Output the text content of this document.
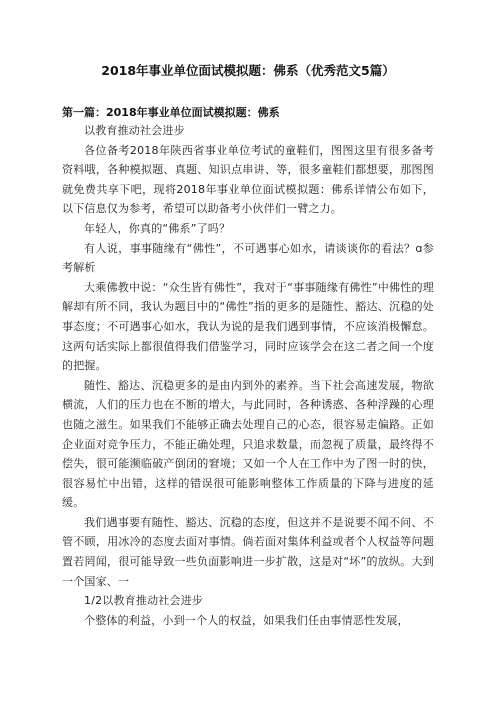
2018年事业单位面试模拟题：佛系（优秀范文5篇）
第一篇：2018年事业单位面试模拟题：佛系

以教育推动社会进步

各位备考2018年陕西省事业单位考试的童鞋们，图图这里有很多备考资料哦，各种模拟题、真题、知识点串讲、等，很多童鞋们都想要，那图图就免费共享下吧，现将2018年事业单位面试模拟题：佛系详情公布如下，以下信息仅为参考，希望可以助备考小伙伴们一臂之力。

年轻人，你真的“佛系”了吗？

有人说，事事随缘有“佛性”，不可遇事心如水，请谈谈你的看法？ɑ参考解析

大乘佛教中说：“众生皆有佛性”，我对于“事事随缘有佛性”中佛性的理解却有所不同，我认为题目中的“佛性”指的更多的是随性、豁达、沉稳的处事态度；不可遇事心如水，我认为说的是我们遇到事情，不应该消极懈怠。这两句话实际上都很值得我们借鉴学习，同时应该学会在这二者之间一个度的把握。

随性、豁达、沉稳更多的是由内到外的素养。当下社会高速发展，物欲横流，人们的压力也在不断的增大，与此同时，各种诱惑、各种浮躁的心理也随之滋生。如果我们不能够正确去处理自己的心态，很容易走偏路。正如企业面对竞争压力，不能正确处理，只追求数量，而忽视了质量，最终得不偿失，很可能濒临破产倒闭的窘境；又如一个人在工作中为了图一时的快，很容易忙中出错，这样的错误很可能影响整体工作质量的下降与进度的延缓。

我们遇事要有随性、豁达、沉稳的态度，但这并不是说要不闻不问、不管不顾，用冰冷的态度去面对事情。倘若面对集体利益或者个人权益等问题置若罔闻，很可能导致一些负面影响进一步扩散，这是对“坏”的放纵。大到一个国家、一

1/2以教育推动社会进步

个整体的利益，小到一个人的权益，如果我们任由事情恶性发展，
